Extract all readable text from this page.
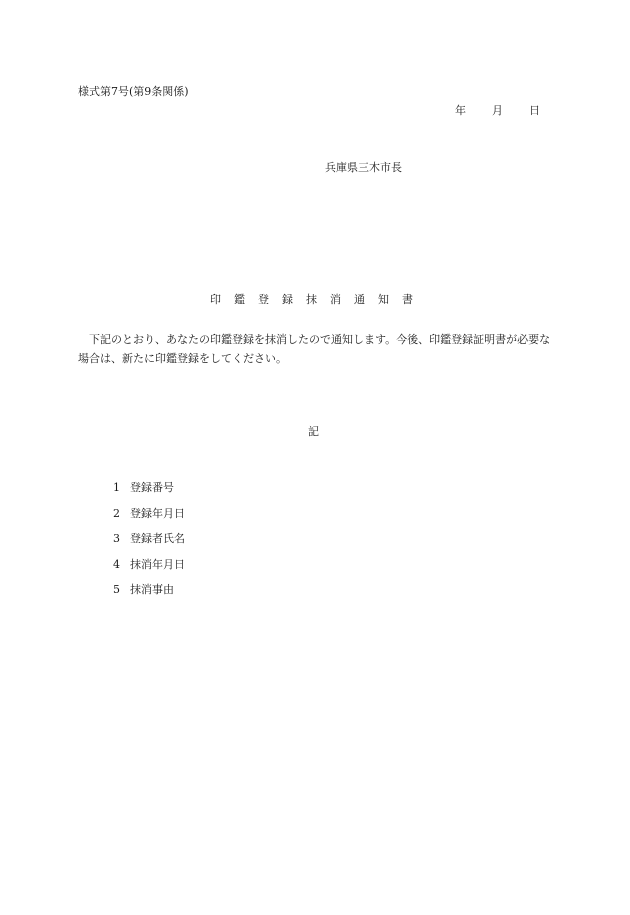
様式第7号(第9条関係)
年 月 日
兵庫県三木市長
印鑑登録抹消通知書
下記のとおり、あなたの印鑑登録を抹消したので通知します。今後、印鑑登録証明書が必要な場合は、新たに印鑑登録をしてください。
記
1 登録番号
2 登録年月日
3 登録者氏名
4 抹消年月日
5 抹消事由
